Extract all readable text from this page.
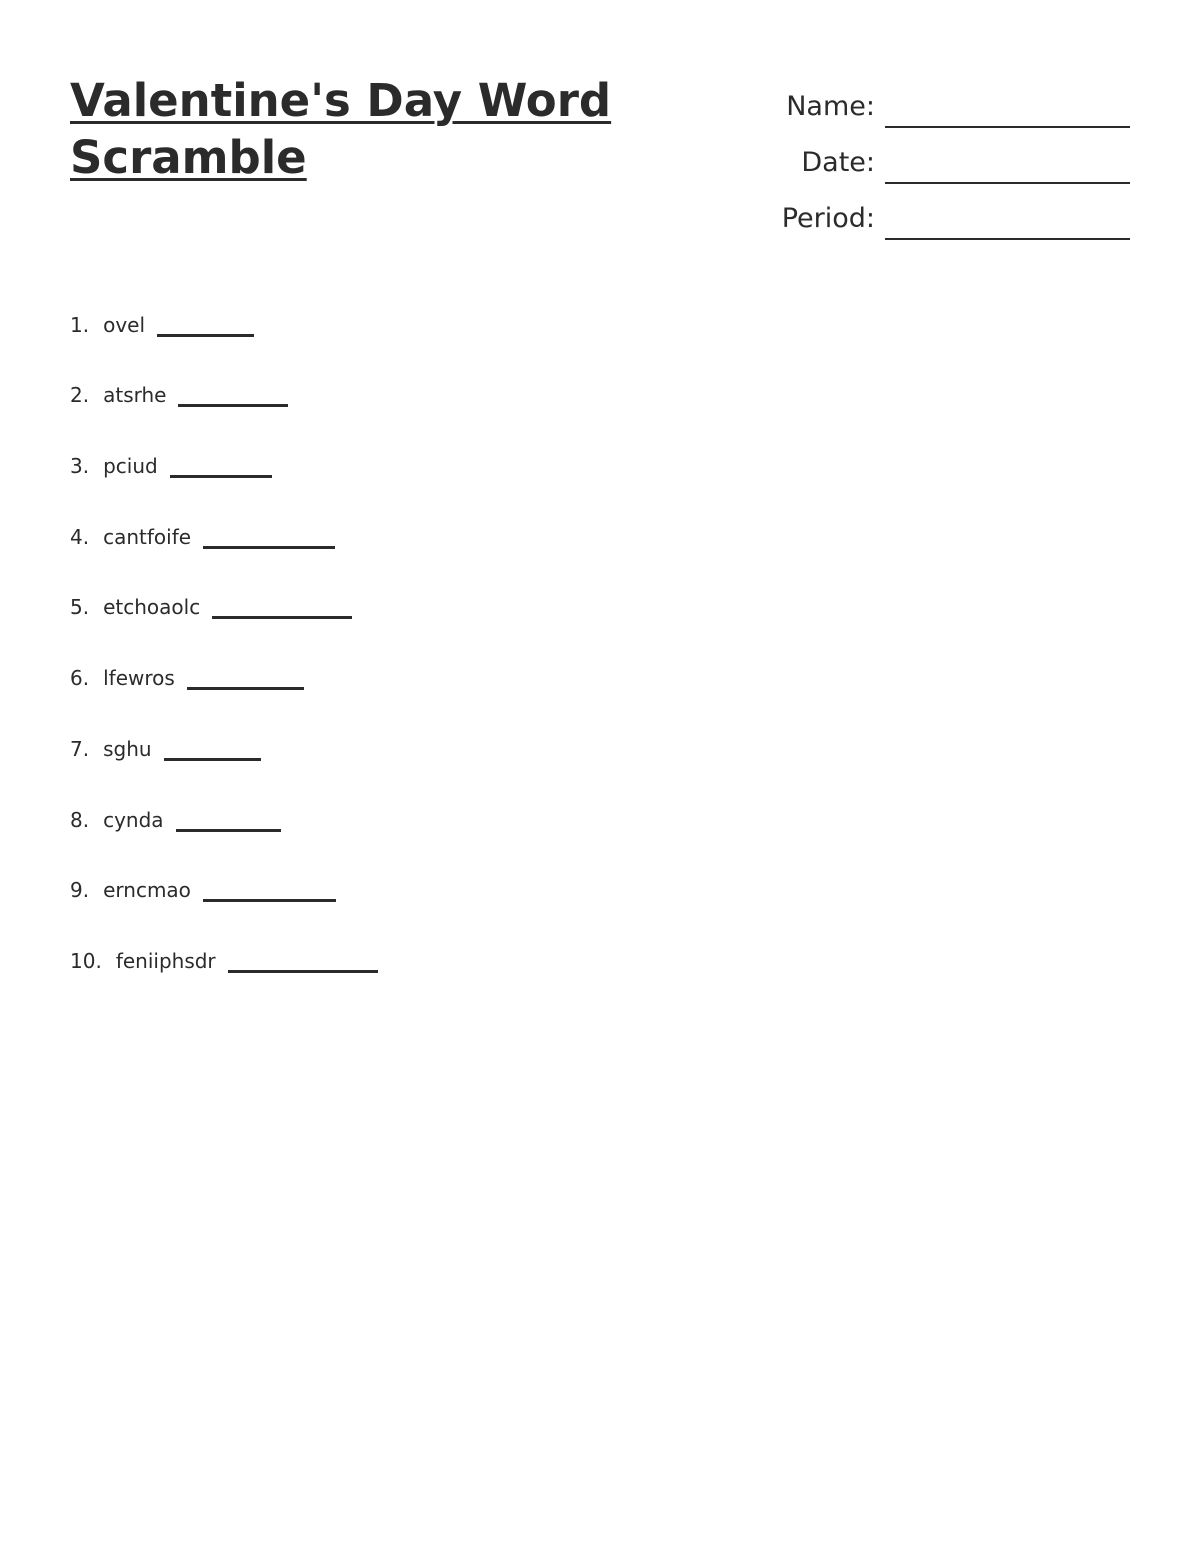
Valentine's Day Word Scramble
Name:
Date:
Period:
1. ovel
2. atsrhe
3. pciud
4. cantfoife
5. etchoaolc
6. lfewros
7. sghu
8. cynda
9. erncmao
10. feniiphsdr
